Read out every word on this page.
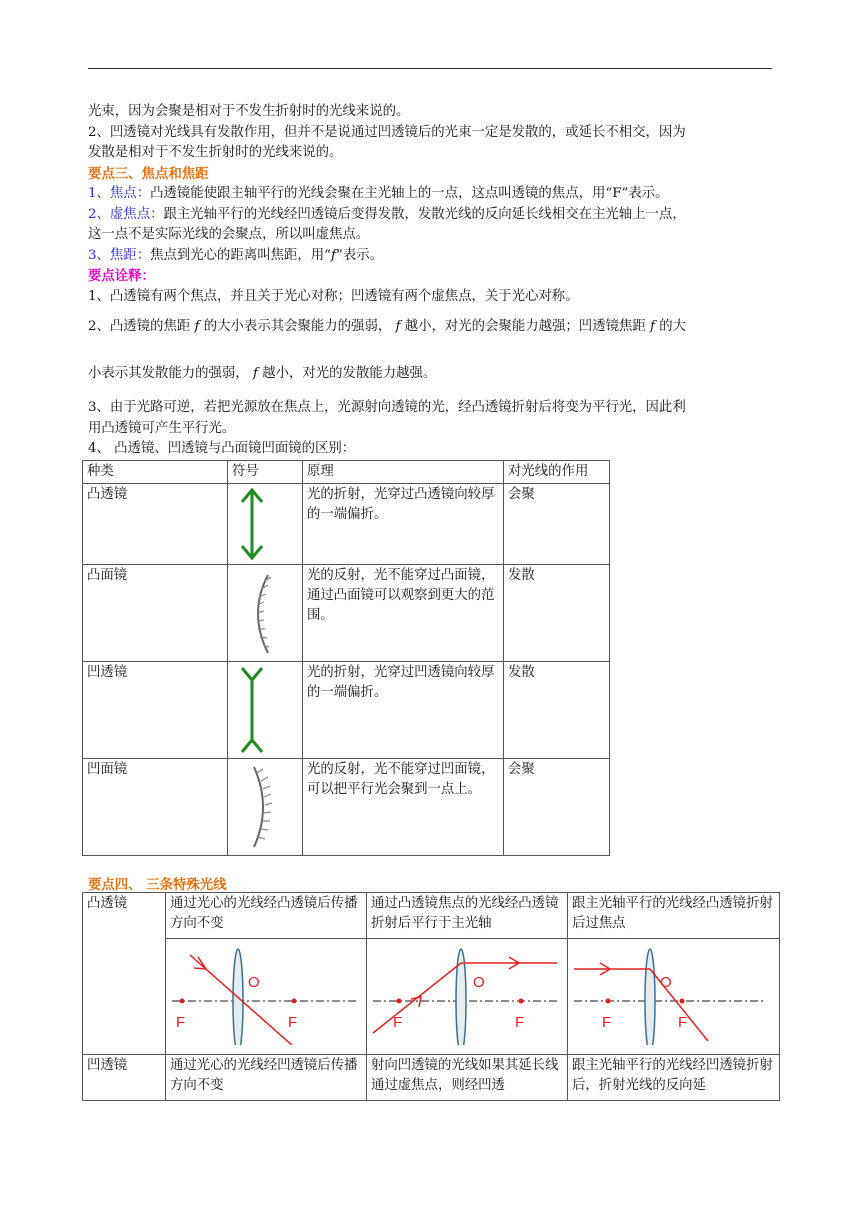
光束，因为会聚是相对于不发生折射时的光线来说的。

2、凹透镜对光线具有发散作用，但并不是说通过凹透镜后的光束一定是发散的，或延长不相交，因为

发散是相对于不发生折射时的光线来说的。

要点三、焦点和焦距

1、焦点：凸透镜能使跟主轴平行的光线会聚在主光轴上的一点，这点叫透镜的焦点，用“F”表示。

2、虚焦点：跟主光轴平行的光线经凹透镜后变得发散，发散光线的反向延长线相交在主光轴上一点，

这一点不是实际光线的会聚点，所以叫虚焦点。

3、焦距：焦点到光心的距离叫焦距，用“f”表示。

要点诠释：

1、凸透镜有两个焦点，并且关于光心对称；凹透镜有两个虚焦点，关于光心对称。

2、凸透镜的焦距 f 的大小表示其会聚能力的强弱， f 越小，对光的会聚能力越强；凹透镜焦距 f 的大

小表示其发散能力的强弱， f 越小，对光的发散能力越强。

3、由于光路可逆，若把光源放在焦点上，光源射向透镜的光，经凸透镜折射后将变为平行光，因此利

用凸透镜可产生平行光。

4、 凸透镜、凹透镜与凸面镜凹面镜的区别：

种类	符号	原理	对光线的作用
凸透镜		光的折射，光穿过凸透镜向较厚的一端偏折。	会聚
凸面镜		光的反射，光不能穿过凸面镜，通过凸面镜可以观察到更大的范围。	发散
凹透镜		光的折射，光穿过凹透镜向较厚的一端偏折。	发散
凹面镜		光的反射，光不能穿过凹面镜，可以把平行光会聚到一点上。	会聚
要点四、 三条特殊光线
凸透镜	通过光心的光线经凸透镜后传播方向不变	通过凸透镜焦点的光线经凸透镜折射后平行于主光轴	跟主光轴平行的光线经凸透镜折射后过焦点

F F
O	F F
O	F F
O

凹透镜	通过光心的光线经凹透镜后传播方向不变	射向凹透镜的光线如果其延长线通过虚焦点，则经凹透	跟主光轴平行的光线经凹透镜折射后，折射光线的反向延
